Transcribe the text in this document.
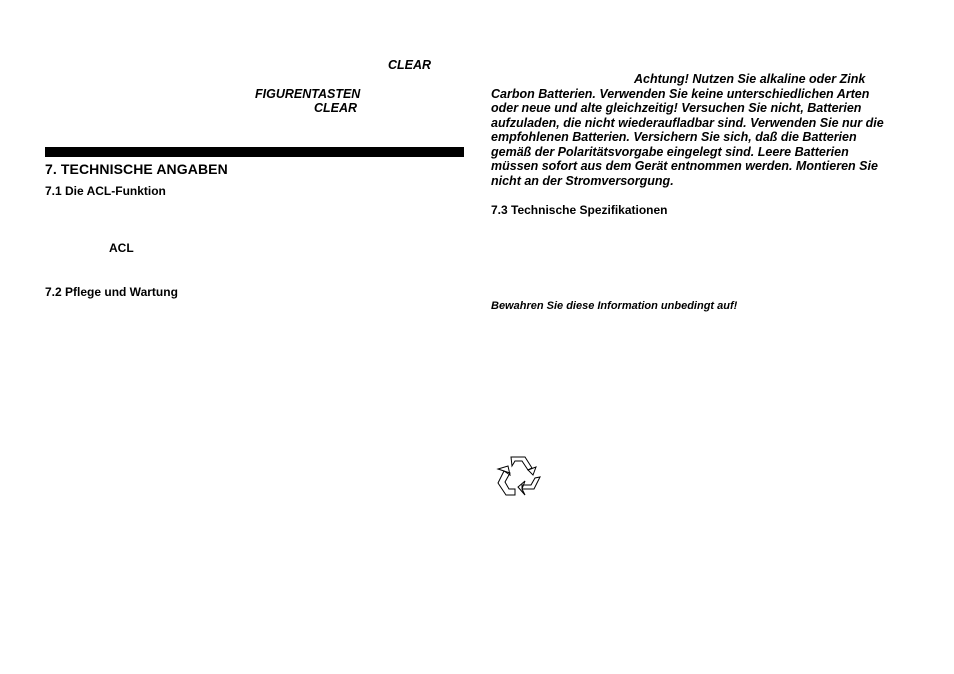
CLEAR
FIGURENTASTEN
CLEAR
7. TECHNISCHE ANGABEN
7.1 Die ACL-Funktion
ACL
7.2 Pflege und Wartung
Achtung! Nutzen Sie alkaline oder Zink
Carbon Batterien. Verwenden Sie keine unterschiedlichen Arten
oder neue und alte gleichzeitig! Versuchen Sie nicht, Batterien
aufzuladen, die nicht wiederaufladbar sind. Verwenden Sie nur die
empfohlenen Batterien. Versichern Sie sich, daß die Batterien
gemäß der Polaritätsvorgabe eingelegt sind. Leere Batterien
müssen sofort aus dem Gerät entnommen werden. Montieren Sie
nicht an der Stromversorgung.
7.3 Technische Spezifikationen
Bewahren Sie diese Information unbedingt auf!
